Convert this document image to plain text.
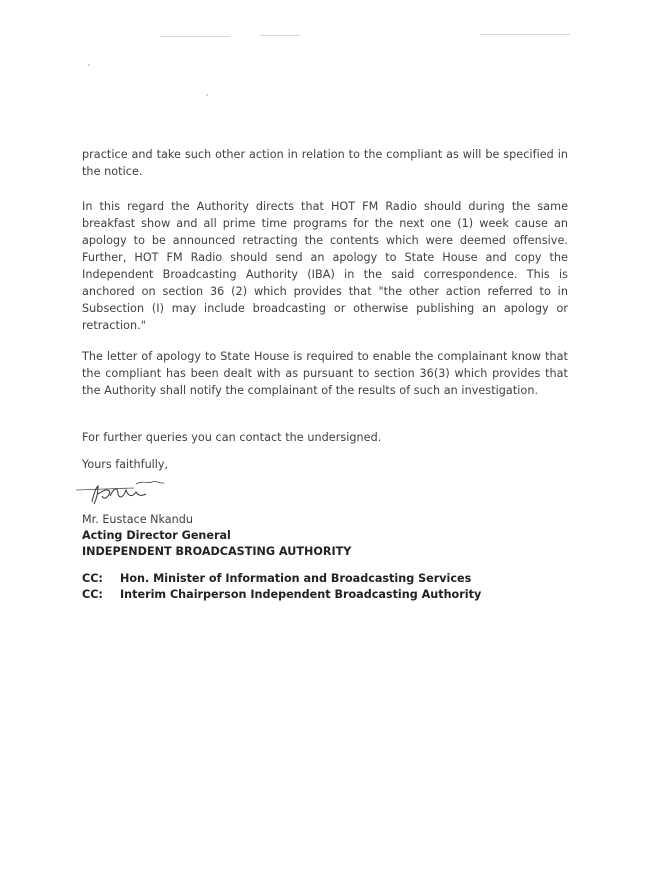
practice and take such other action in relation to the compliant as will be specified in the notice.

In this regard the Authority directs that HOT FM Radio should during the same breakfast show and all prime time programs for the next one (1) week cause an apology to be announced retracting the contents which were deemed offensive. Further, HOT FM Radio should send an apology to State House and copy the Independent Broadcasting Authority (IBA) in the said correspondence. This is anchored on section 36 (2) which provides that "the other action referred to in Subsection (I) may include broadcasting or otherwise publishing an apology or retraction."

The letter of apology to State House is required to enable the complainant know that the compliant has been dealt with as pursuant to section 36(3) which provides that the Authority shall notify the complainant of the results of such an investigation.

For further queries you can contact the undersigned.

Yours faithfully,
Mr. Eustace Nkandu
Acting Director General
INDEPENDENT BROADCASTING AUTHORITY
CC: Hon. Minister of Information and Broadcasting Services
CC: Interim Chairperson Independent Broadcasting Authority
